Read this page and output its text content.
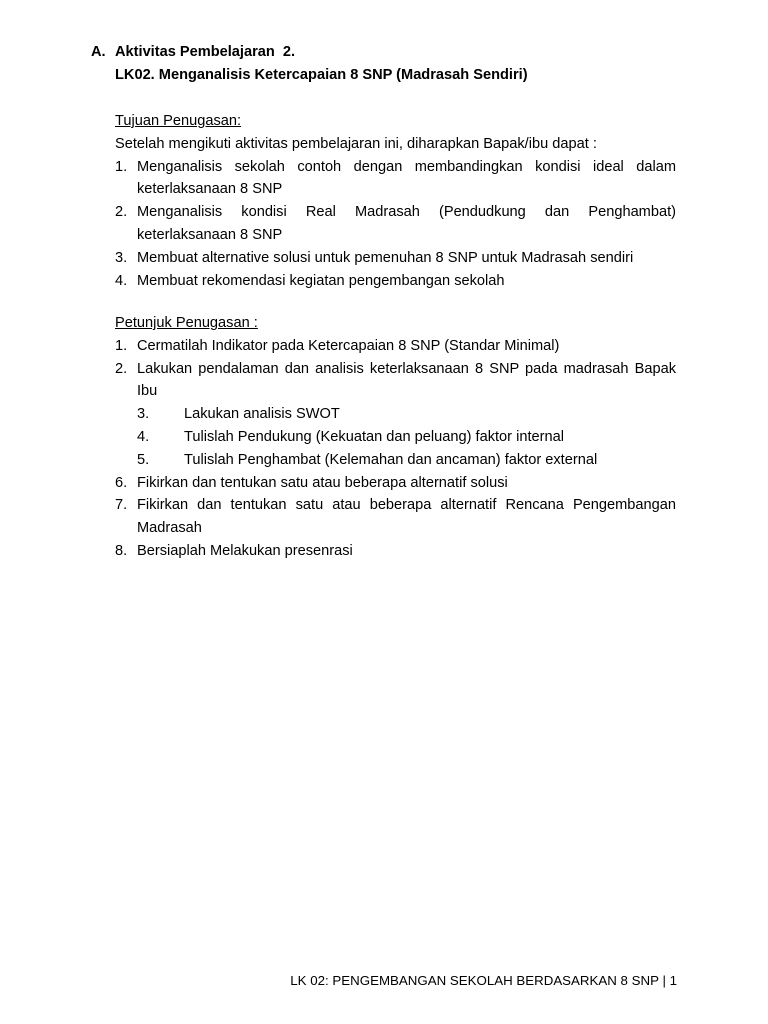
A. Aktivitas Pembelajaran  2.
LK02. Menganalisis Ketercapaian 8 SNP (Madrasah Sendiri)
Tujuan Penugasan:
Setelah mengikuti aktivitas pembelajaran ini, diharapkan Bapak/ibu dapat :
1. Menganalisis sekolah contoh dengan membandingkan kondisi ideal dalam keterlaksanaan 8 SNP
2. Menganalisis kondisi Real Madrasah (Pendudkung dan Penghambat) keterlaksanaan 8 SNP
3. Membuat alternative solusi untuk pemenuhan 8 SNP untuk Madrasah sendiri
4. Membuat rekomendasi kegiatan pengembangan sekolah
Petunjuk Penugasan :
1. Cermatilah Indikator pada Ketercapaian 8 SNP (Standar Minimal)
2. Lakukan pendalaman dan analisis keterlaksanaan 8 SNP pada madrasah Bapak Ibu
3. Lakukan analisis SWOT
4. Tulislah Pendukung (Kekuatan dan peluang) faktor internal
5. Tulislah Penghambat (Kelemahan dan ancaman) faktor external
6. Fikirkan dan tentukan satu atau beberapa alternatif solusi
7. Fikirkan dan tentukan satu atau beberapa alternatif Rencana Pengembangan Madrasah
8. Bersiaplah Melakukan presenrasi
LK 02: PENGEMBANGAN SEKOLAH BERDASARKAN 8 SNP | 1
